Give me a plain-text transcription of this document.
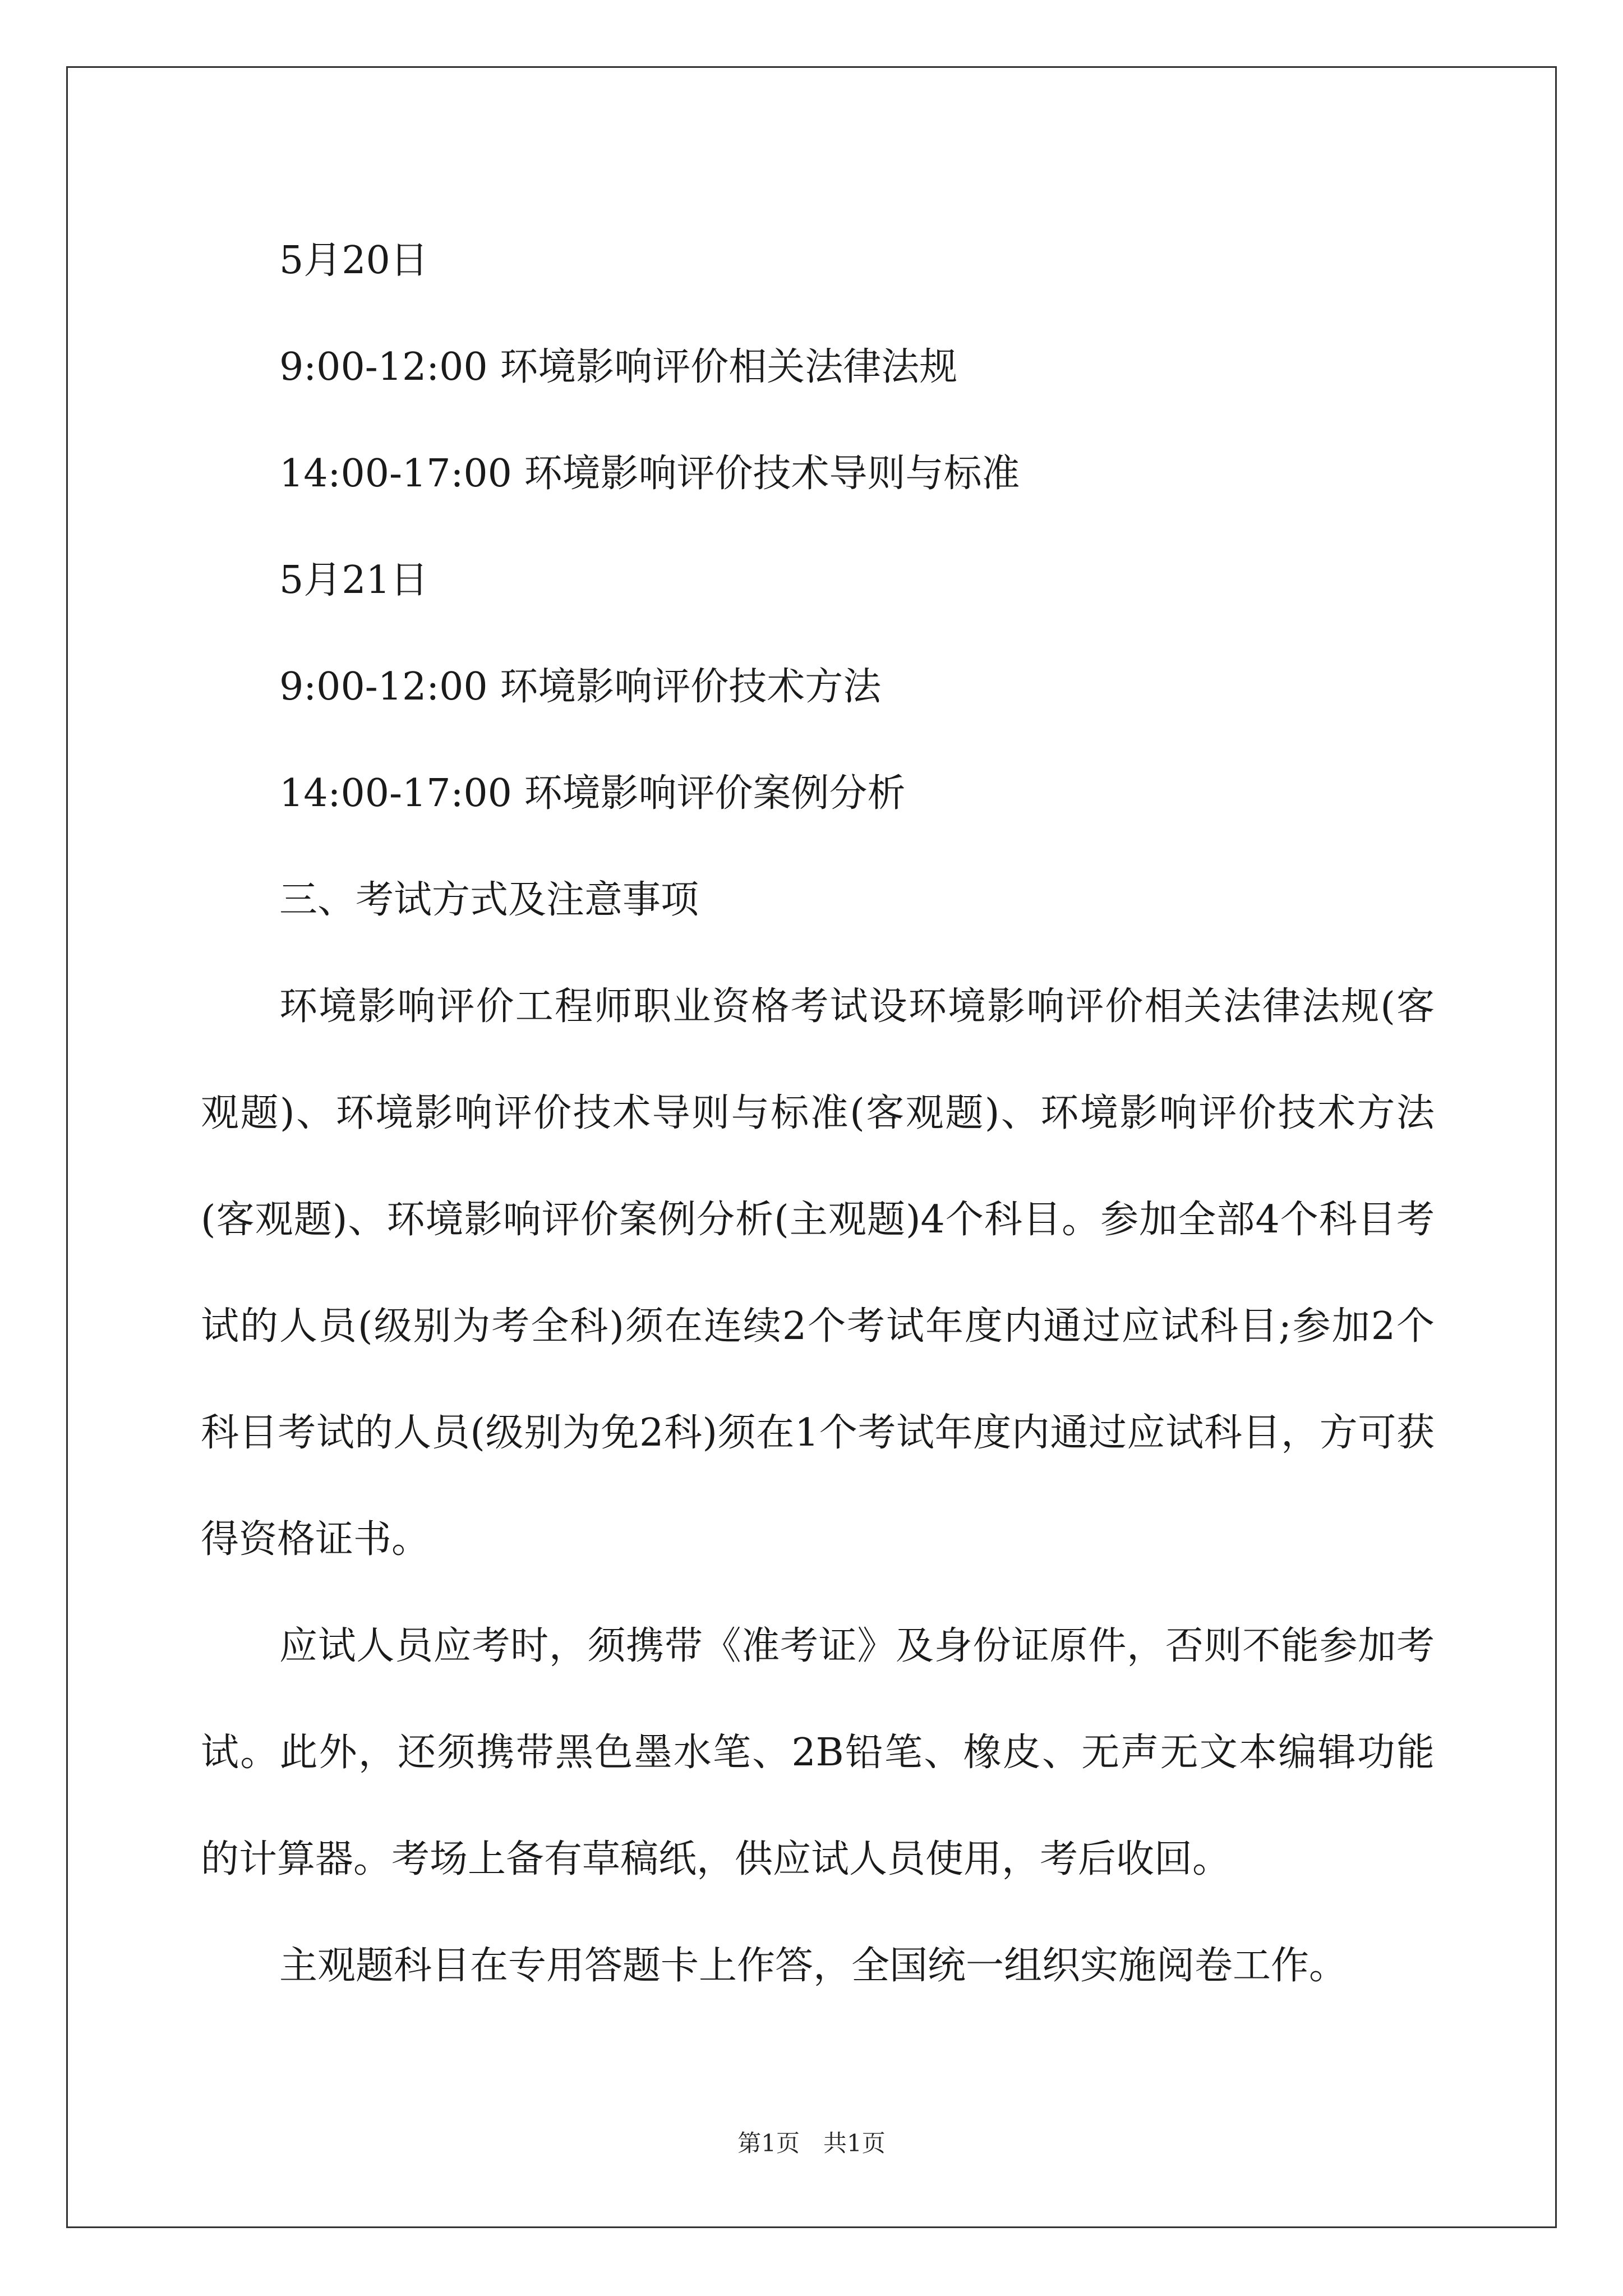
5月20日
9:00-12:00 环境影响评价相关法律法规
14:00-17:00 环境影响评价技术导则与标准
5月21日
9:00-12:00 环境影响评价技术方法
14:00-17:00 环境影响评价案例分析
三、考试方式及注意事项

环境影响评价工程师职业资格考试设环境影响评价相关法律法规(客观题)、环境影响评价技术导则与标准(客观题)、环境影响评价技术方法(客观题)、环境影响评价案例分析(主观题)4个科目。参加全部4个科目考试的人员(级别为考全科)须在连续2个考试年度内通过应试科目;参加2个科目考试的人员(级别为免2科)须在1个考试年度内通过应试科目，方可获得资格证书。

应试人员应考时，须携带《准考证》及身份证原件，否则不能参加考试。此外，还须携带黑色墨水笔、2B铅笔、橡皮、无声无文本编辑功能的计算器。考场上备有草稿纸，供应试人员使用，考后收回。

主观题科目在专用答题卡上作答，全国统一组织实施阅卷工作。

第1页　共1页
